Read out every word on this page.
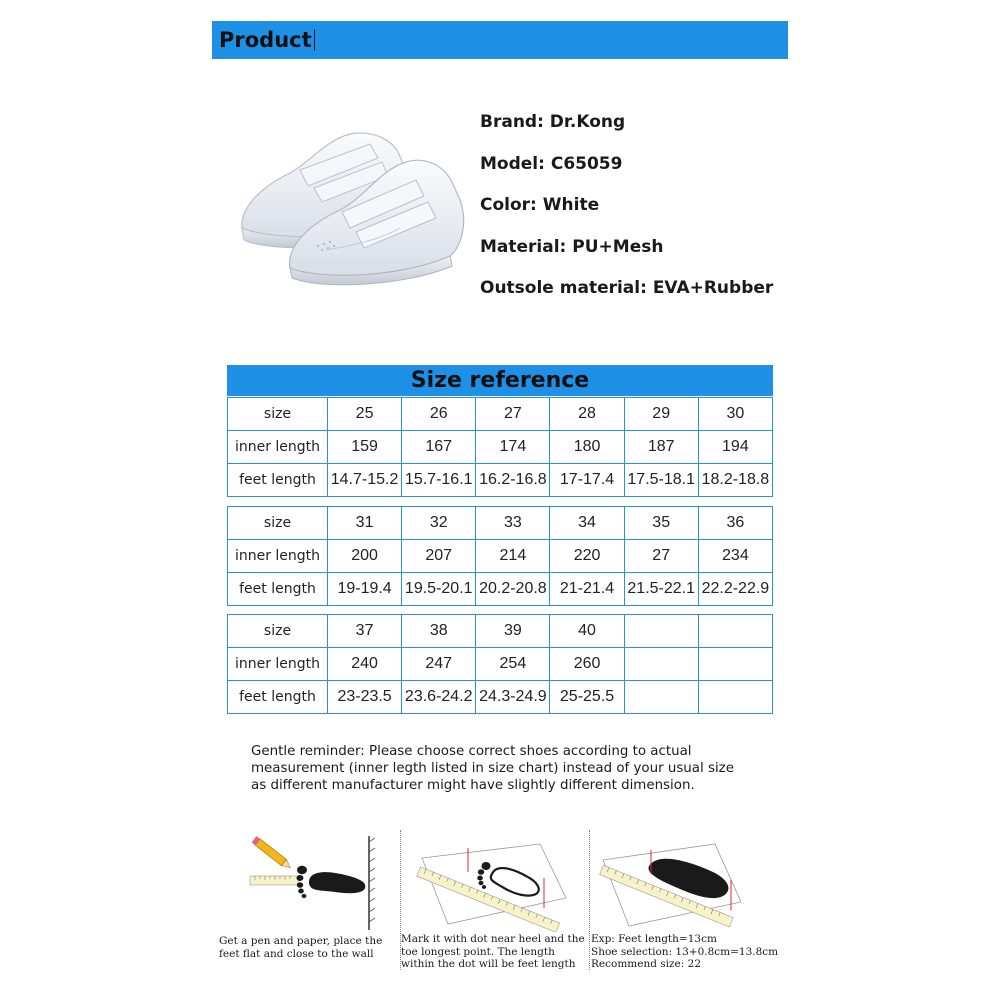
Product
Brand: Dr.Kong
Model: C65059
Color: White
Material: PU+Mesh
Outsole material: EVA+Rubber
Size reference
size	25	26	27	28	29	30
inner length	159	167	174	180	187	194
feet length	14.7-15.2	15.7-16.1	16.2-16.8	17-17.4	17.5-18.1	18.2-18.8
size	31	32	33	34	35	36
inner length	200	207	214	220	27	234
feet length	19-19.4	19.5-20.1	20.2-20.8	21-21.4	21.5-22.1	22.2-22.9
size	37	38	39	40		
inner length	240	247	254	260		
feet length	23-23.5	23.6-24.2	24.3-24.9	25-25.5		
Gentle reminder: Please choose correct shoes according to actual
measurement (inner legth listed in size chart) instead of your usual size
as different manufacturer might have slightly different dimension.
Get a pen and paper, place the
feet flat and close to the wall
Mark it with dot near heel and the
toe longest point. The length
within the dot will be feet length
Exp: Feet length=13cm
Shoe selection: 13+0.8cm=13.8cm
Recommend size: 22
